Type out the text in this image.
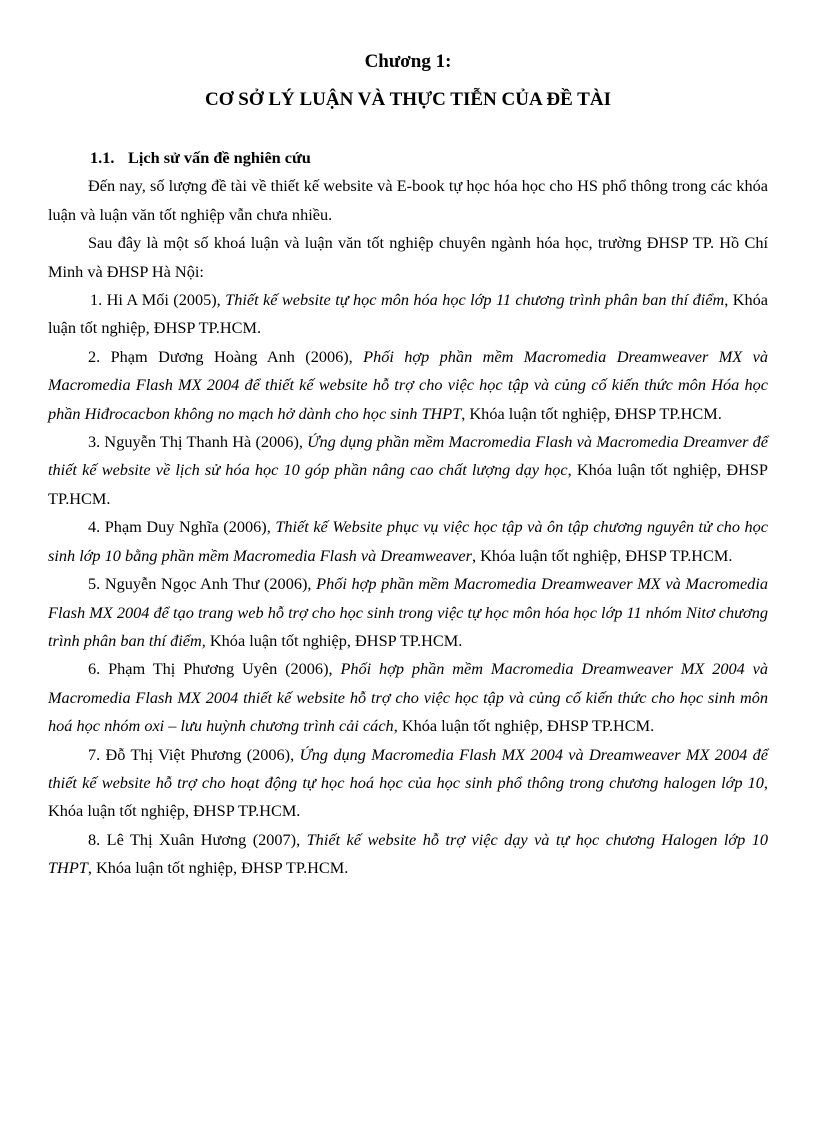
Chương 1:
CƠ SỞ LÝ LUẬN VÀ THỰC TIỄN CỦA ĐỀ TÀI

1.1. Lịch sử vấn đề nghiên cứu

Đến nay, số lượng đề tài về thiết kế website và E-book tự học hóa học cho HS phổ thông trong các khóa luận và luận văn tốt nghiệp vẫn chưa nhiều.

Sau đây là một số khoá luận và luận văn tốt nghiệp chuyên ngành hóa học, trường ĐHSP TP. Hồ Chí Minh và ĐHSP Hà Nội:

1. Hi A Mối (2005), Thiết kế website tự học môn hóa học lớp 11 chương trình phân ban thí điểm, Khóa luận tốt nghiệp, ĐHSP TP.HCM.

2. Phạm Dương Hoàng Anh (2006), Phối hợp phần mềm Macromedia Dreamweaver MX và Macromedia Flash MX 2004 để thiết kế website hỗ trợ cho việc học tập và củng cố kiến thức môn Hóa học phần Hiđrocacbon không no mạch hở dành cho học sinh THPT, Khóa luận tốt nghiệp, ĐHSP TP.HCM.

3. Nguyễn Thị Thanh Hà (2006), Ứng dụng phần mềm Macromedia Flash và Macromedia Dreamver để thiết kế website về lịch sử hóa học 10 góp phần nâng cao chất lượng dạy học, Khóa luận tốt nghiệp, ĐHSP TP.HCM.

4. Phạm Duy Nghĩa (2006), Thiết kế Website phục vụ việc học tập và ôn tập chương nguyên tử cho học sinh lớp 10 bằng phần mềm Macromedia Flash và Dreamweaver, Khóa luận tốt nghiệp, ĐHSP TP.HCM.

5. Nguyễn Ngọc Anh Thư (2006), Phối hợp phần mềm Macromedia Dreamweaver MX và Macromedia Flash MX 2004 để tạo trang web hỗ trợ cho học sinh trong việc tự học môn hóa học lớp 11 nhóm Nitơ chương trình phân ban thí điểm, Khóa luận tốt nghiệp, ĐHSP TP.HCM.

6. Phạm Thị Phương Uyên (2006), Phối hợp phần mềm Macromedia Dreamweaver MX 2004 và Macromedia Flash MX 2004 thiết kế website hỗ trợ cho việc học tập và củng cố kiến thức cho học sinh môn hoá học nhóm oxi – lưu huỳnh chương trình cải cách, Khóa luận tốt nghiệp, ĐHSP TP.HCM.

7. Đỗ Thị Việt Phương (2006), Ứng dụng Macromedia Flash MX 2004 và Dreamweaver MX 2004 để thiết kế website hỗ trợ cho hoạt động tự học hoá học của học sinh phổ thông trong chương halogen lớp 10, Khóa luận tốt nghiệp, ĐHSP TP.HCM.

8. Lê Thị Xuân Hương (2007), Thiết kế website hỗ trợ việc dạy và tự học chương Halogen lớp 10 THPT, Khóa luận tốt nghiệp, ĐHSP TP.HCM.
